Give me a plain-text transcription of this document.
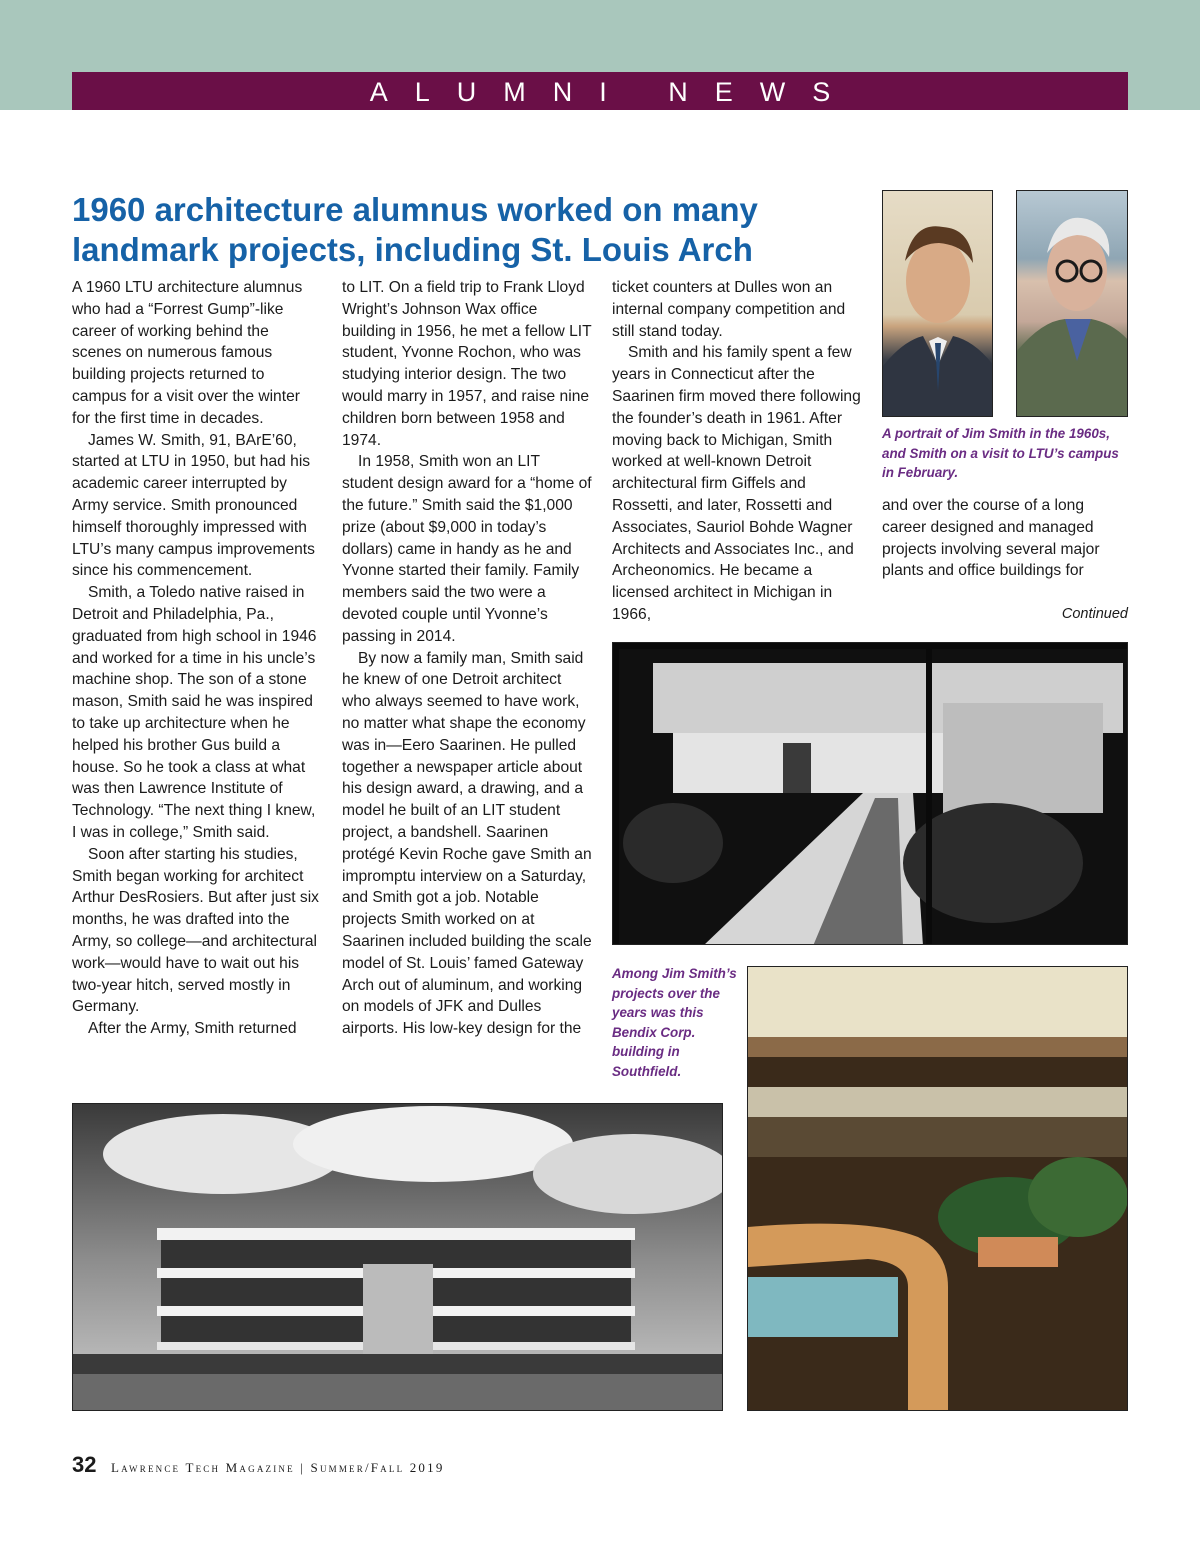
ALUMNI NEWS
1960 architecture alumnus worked on many landmark projects, including St. Louis Arch
A portrait of Jim Smith in the 1960s, and Smith on a visit to LTU’s campus in February.

A 1960 LTU architecture alumnus who had a “Forrest Gump”-like career of working behind the scenes on numerous famous building projects returned to campus for a visit over the winter for the first time in decades.

James W. Smith, 91, BArE’60, started at LTU in 1950, but had his academic career interrupted by Army service. Smith pronounced himself thoroughly impressed with LTU’s many campus improvements since his commencement.

Smith, a Toledo native raised in Detroit and Philadelphia, Pa., graduated from high school in 1946 and worked for a time in his uncle’s machine shop. The son of a stone mason, Smith said he was inspired to take up architecture when he helped his brother Gus build a house. So he took a class at what was then Lawrence Institute of Technology. “The next thing I knew, I was in college,” Smith said.

Soon after starting his studies, Smith began working for architect Arthur DesRosiers. But after just six months, he was drafted into the Army, so college—and architectural work—would have to wait out his two-year hitch, served mostly in Germany.

After the Army, Smith returned

to LIT. On a field trip to Frank Lloyd Wright’s Johnson Wax office building in 1956, he met a fellow LIT student, Yvonne Rochon, who was studying interior design. The two would marry in 1957, and raise nine children born between 1958 and 1974.

In 1958, Smith won an LIT student design award for a “home of the future.” Smith said the $1,000 prize (about $9,000 in today’s dollars) came in handy as he and Yvonne started their family. Family members said the two were a devoted couple until Yvonne’s passing in 2014.

By now a family man, Smith said he knew of one Detroit architect who always seemed to have work, no matter what shape the economy was in—Eero Saarinen. He pulled together a newspaper article about his design award, a drawing, and a model he built of an LIT student project, a bandshell. Saarinen protégé Kevin Roche gave Smith an impromptu interview on a Saturday, and Smith got a job. Notable projects Smith worked on at Saarinen included building the scale model of St. Louis’ famed Gateway Arch out of aluminum, and working on models of JFK and Dulles airports. His low-key design for the

ticket counters at Dulles won an internal company competition and still stand today.

Smith and his family spent a few years in Connecticut after the Saarinen firm moved there following the founder’s death in 1961. After moving back to Michigan, Smith worked at well-known Detroit architectural firm Giffels and Rossetti, and later, Rossetti and Associates, Sauriol Bohde Wagner Architects and Associates Inc., and Archeonomics. He became a licensed architect in Michigan in 1966,

and over the course of a long career designed and managed projects involving several major plants and office buildings for

Continued
Among Jim Smith’s projects over the years was this Bendix Corp. building in Southfield.
32 Lawrence Tech Magazine | Summer/Fall 2019
